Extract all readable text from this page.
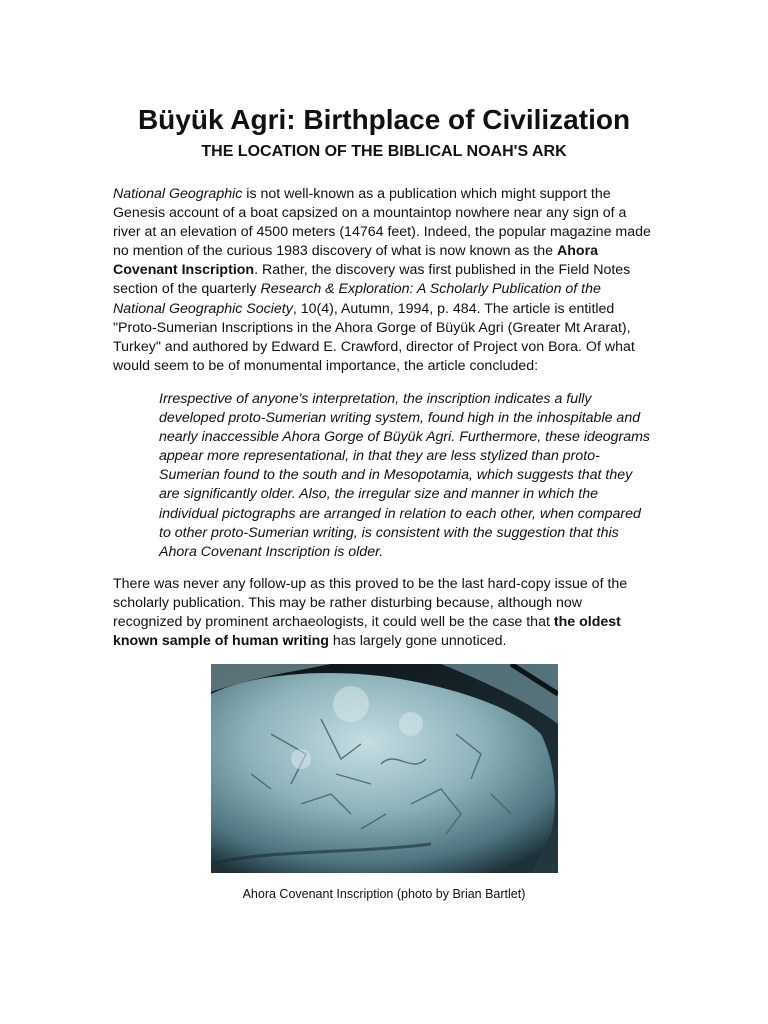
Büyük Agri: Birthplace of Civilization
THE LOCATION OF THE BIBLICAL NOAH'S ARK

National Geographic is not well-known as a publication which might support the Genesis account of a boat capsized on a mountaintop nowhere near any sign of a river at an elevation of 4500 meters (14764 feet). Indeed, the popular magazine made no mention of the curious 1983 discovery of what is now known as the Ahora Covenant Inscription. Rather, the discovery was first published in the Field Notes section of the quarterly Research & Exploration: A Scholarly Publication of the National Geographic Society, 10(4), Autumn, 1994, p. 484. The article is entitled "Proto-Sumerian Inscriptions in the Ahora Gorge of Büyük Agri (Greater Mt Ararat), Turkey" and authored by Edward E. Crawford, director of Project von Bora. Of what would seem to be of monumental importance, the article concluded:

Irrespective of anyone's interpretation, the inscription indicates a fully developed proto-Sumerian writing system, found high in the inhospitable and nearly inaccessible Ahora Gorge of Büyük Agri. Furthermore, these ideograms appear more representational, in that they are less stylized than proto-Sumerian found to the south and in Mesopotamia, which suggests that they are significantly older. Also, the irregular size and manner in which the individual pictographs are arranged in relation to each other, when compared to other proto-Sumerian writing, is consistent with the suggestion that this Ahora Covenant Inscription is older.

There was never any follow-up as this proved to be the last hard-copy issue of the scholarly publication. This may be rather disturbing because, although now recognized by prominent archaeologists, it could well be the case that the oldest known sample of human writing has largely gone unnoticed.

Ahora Covenant Inscription (photo by Brian Bartlet)
